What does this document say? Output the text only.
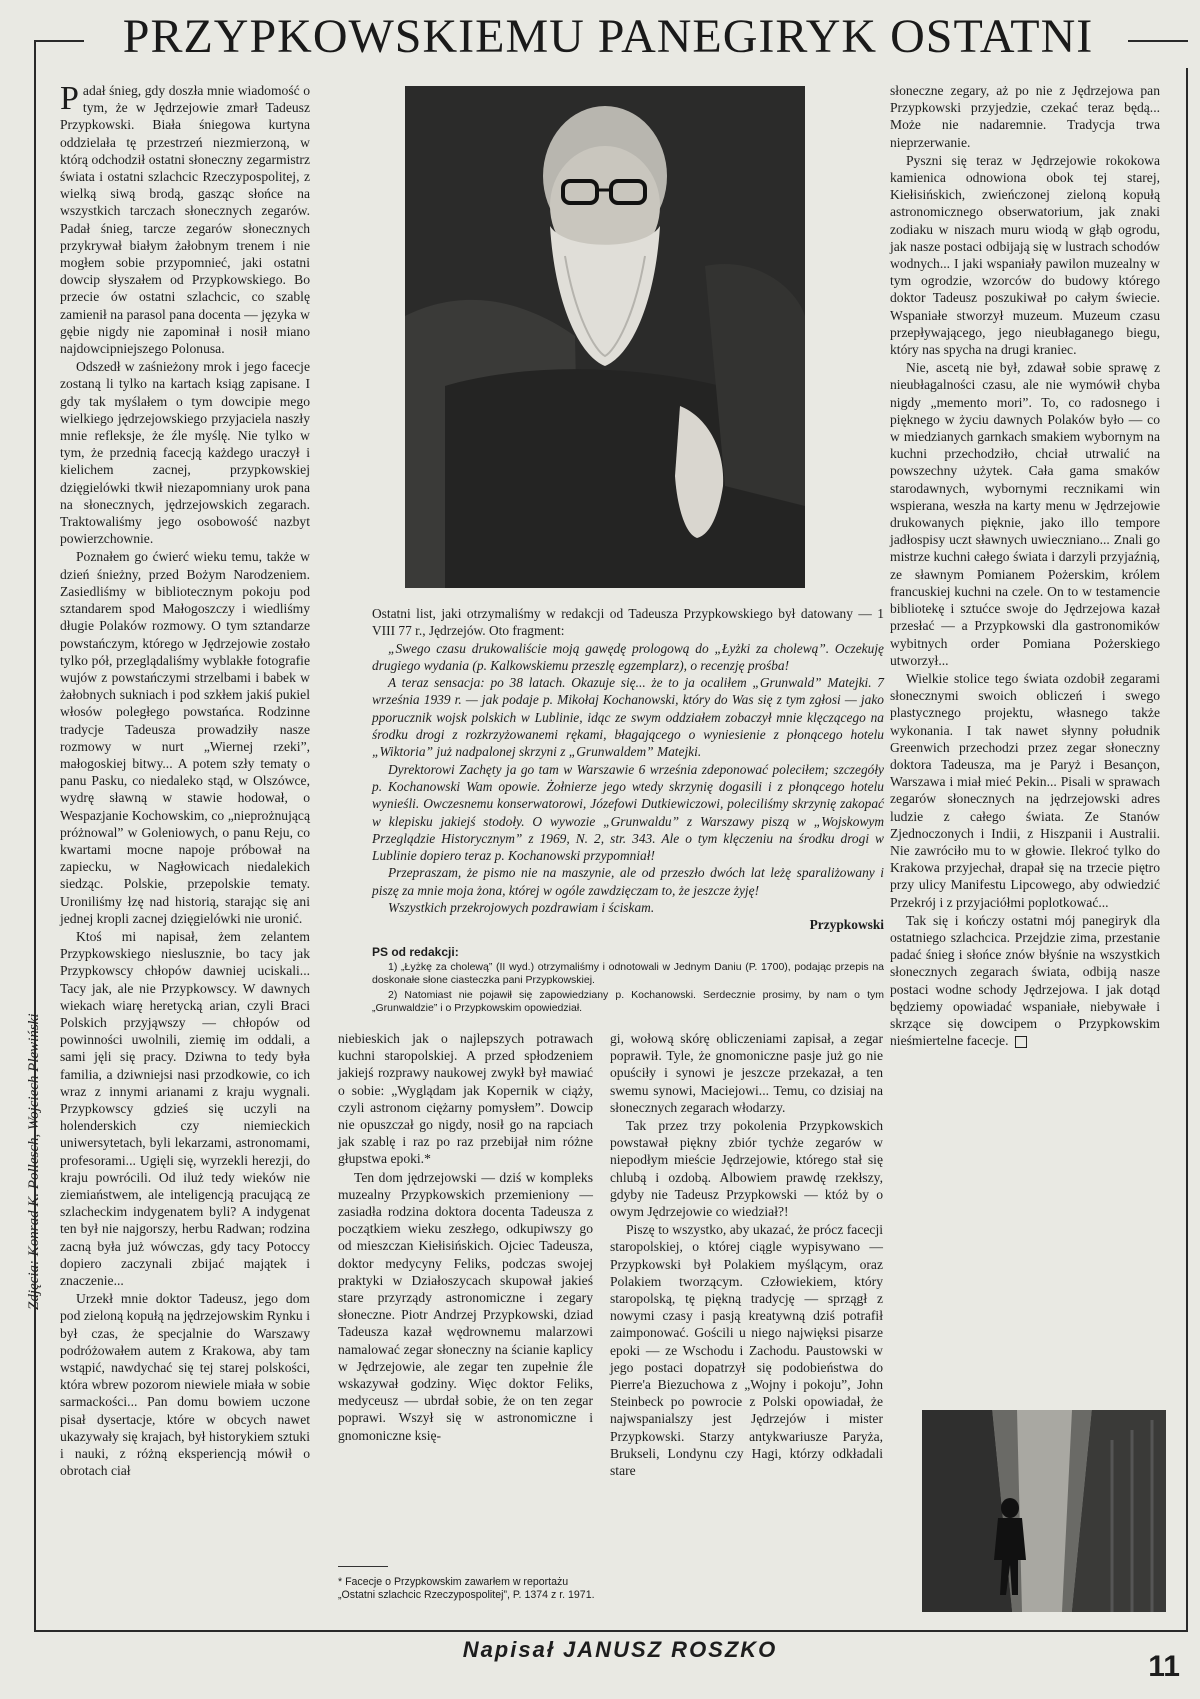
PRZYPKOWSKIEMU PANEGIRYK OSTATNI
Zdjęcia: Konrad K. Pollesch, Wojciech Plewiński

Padał śnieg, gdy doszła mnie wiadomość o tym, że w Jędrzejowie zmarł Tadeusz Przypkowski. Biała śniegowa kurtyna oddzielała tę przestrzeń niezmierzoną, w którą odchodził ostatni słoneczny zegarmistrz świata i ostatni szlachcic Rzeczypospolitej, z wielką siwą brodą, gasząc słońce na wszystkich tarczach słonecznych zegarów. Padał śnieg, tarcze zegarów słonecznych przykrywał białym żałobnym trenem i nie mogłem sobie przypomnieć, jaki ostatni dowcip słyszałem od Przypkowskiego. Bo przecie ów ostatni szlachcic, co szablę zamienił na parasol pana docenta — języka w gębie nigdy nie zapominał i nosił miano najdowcipniejszego Polonusa.

Odszedł w zaśnieżony mrok i jego facecje zostaną li tylko na kartach ksiąg zapisane. I gdy tak myślałem o tym dowcipie mego wielkiego jędrzejowskiego przyjaciela naszły mnie refleksje, że źle myślę. Nie tylko w tym, że przednią facecją każdego uraczył i kielichem zacnej, przypkowskiej dzięgielówki tkwił niezapomniany urok pana na słonecznych, jędrzejowskich zegarach. Traktowaliśmy jego osobowość nazbyt powierzchownie.

Poznałem go ćwierć wieku temu, także w dzień śnieżny, przed Bożym Narodzeniem. Zasiedliśmy w bibliotecznym pokoju pod sztandarem spod Małogoszczy i wiedliśmy długie Polaków rozmowy. O tym sztandarze powstańczym, którego w Jędrzejowie zostało tylko pół, przeglądaliśmy wyblakłe fotografie wujów z powstańczymi strzelbami i babek w żałobnych sukniach i pod szkłem jakiś pukiel włosów poległego powstańca. Rodzinne tradycje Tadeusza prowadziły nasze rozmowy w nurt „Wiernej rzeki”, małogoskiej bitwy... A potem szły tematy o panu Pasku, co niedaleko stąd, w Olszówce, wydrę sławną w stawie hodował, o Wespazjanie Kochowskim, co „nieprożnującą próżnowal” w Goleniowych, o panu Reju, co kwartami mocne napoje próbował na zapiecku, w Nagłowicach niedalekich siedząc. Polskie, przepolskie tematy. Uroniliśmy łzę nad historią, starając się ani jednej kropli zacnej dzięgielówki nie uronić.

Ktoś mi napisał, żem zelantem Przypkowskiego nieslusznie, bo tacy jak Przypkowscy chłopów dawniej uciskali... Tacy jak, ale nie Przypkowscy. W dawnych wiekach wiarę heretycką arian, czyli Braci Polskich przyjąwszy — chłopów od powinności uwolnili, ziemię im oddali, a sami jęli się pracy. Dziwna to tedy była familia, a dziwniejsi nasi przodkowie, co ich wraz z innymi arianami z kraju wygnali. Przypkowscy gdzieś się uczyli na holenderskich czy niemieckich uniwersytetach, byli lekarzami, astronomami, profesorami... Ugięli się, wyrzekli herezji, do kraju powrócili. Od iluż tedy wieków nie ziemiaństwem, ale inteligencją pracującą ze szlacheckim indygenatem byli? A indygenat ten był nie najgorszy, herbu Radwan; rodzina zacną była już wówczas, gdy tacy Potoccy dopiero zaczynali zbijać majątek i znaczenie...

Urzekł mnie doktor Tadeusz, jego dom pod zieloną kopułą na jędrzejowskim Rynku i był czas, że specjalnie do Warszawy podróżowałem autem z Krakowa, aby tam wstąpić, nawdychać się tej starej polskości, która wbrew pozorom niewiele miała w sobie sarmackości... Pan domu bowiem uczone pisał dysertacje, które w obcych nawet ukazywały się krajach, był historykiem sztuki i nauki, z różną eksperiencją mówił o obrotach ciał

Ostatni list, jaki otrzymaliśmy w redakcji od Tadeusza Przypkowskiego był datowany — 1 VIII 77 r., Jędrzejów. Oto fragment:

„Swego czasu drukowaliście moją gawędę prologową do „Łyżki za cholewą”. Oczekuję drugiego wydania (p. Kalkowskiemu przeszlę egzemplarz), o recenzję prośba!

A teraz sensacja: po 38 latach. Okazuje się... że to ja ocaliłem „Grunwald” Matejki. 7 września 1939 r. — jak podaje p. Mikołaj Kochanowski, który do Was się z tym zgłosi — jako pporucznik wojsk polskich w Lublinie, idąc ze swym oddziałem zobaczył mnie klęczącego na środku drogi z rozkrzyżowanemi rękami, błagającego o wyniesienie z płonącego hotelu „Wiktoria” już nadpalonej skrzyni z „Grunwaldem” Matejki.

Dyrektorowi Zachęty ja go tam w Warszawie 6 września zdeponować poleciłem; szczegóły p. Kochanowski Wam opowie. Żołnierze jego wtedy skrzynię dogasili i z płonącego hotelu wynieśli. Owczesnemu konserwatorowi, Józefowi Dutkiewiczowi, poleciliśmy skrzynię zakopać w klepisku jakiejś stodoły. O wywozie „Grunwaldu” z Warszawy piszą w „Wojskowym Przeglądzie Historycznym” z 1969, N. 2, str. 343. Ale o tym klęczeniu na środku drogi w Lublinie dopiero teraz p. Kochanowski przypomniał!

Przepraszam, że pismo nie na maszynie, ale od przeszło dwóch lat leżę sparaliżowany i piszę za mnie moja żona, której w ogóle zawdzięczam to, że jeszcze żyję!

Wszystkich przekrojowych pozdrawiam i ściskam.

Przypkowski

PS od redakcji:

1) „Łyżkę za cholewą” (II wyd.) otrzymaliśmy i odnotowali w Jednym Daniu (P. 1700), podając przepis na doskonałe słone ciasteczka pani Przypkowskiej.

2) Natomiast nie pojawił się zapowiedziany p. Kochanowski. Serdecznie prosimy, by nam o tym „Grunwaldzie” i o Przypkowskim opowiedział.

niebieskich jak o najlepszych potrawach kuchni staropolskiej. A przed spłodzeniem jakiejś rozprawy naukowej zwykł był mawiać o sobie: „Wyglądam jak Kopernik w ciąży, czyli astronom ciężarny pomysłem”. Dowcip nie opuszczał go nigdy, nosił go na rapciach jak szablę i raz po raz przebijał nim różne głupstwa epoki.*

Ten dom jędrzejowski — dziś w kompleks muzealny Przypkowskich przemieniony — zasiadła rodzina doktora docenta Tadeusza z początkiem wieku zeszłego, odkupiwszy go od mieszczan Kiełisińskich. Ojciec Tadeusza, doktor medycyny Feliks, podczas swojej praktyki w Działoszycach skupował jakieś stare przyrządy astronomiczne i zegary słoneczne. Piotr Andrzej Przypkowski, dziad Tadeusza kazał wędrownemu malarzowi namalować zegar słoneczny na ścianie kaplicy w Jędrzejowie, ale zegar ten zupełnie źle wskazywał godziny. Więc doktor Feliks, medyceusz — ubrdał sobie, że on ten zegar poprawi. Wszył się w astronomiczne i gnomoniczne księ-

gi, wołową skórę obliczeniami zapisał, a zegar poprawił. Tyle, że gnomoniczne pasje już go nie opuściły i synowi je jeszcze przekazał, a ten swemu synowi, Maciejowi... Temu, co dzisiaj na słonecznych zegarach włodarzy.

Tak przez trzy pokolenia Przypkowskich powstawał piękny zbiór tychże zegarów w niepodłym mieście Jędrzejowie, którego stał się chlubą i ozdobą. Albowiem prawdę rzekłszy, gdyby nie Tadeusz Przypkowski — któż by o owym Jędrzejowie co wiedział?!

Piszę to wszystko, aby ukazać, że prócz facecji staropolskiej, o której ciągle wypisywano — Przypkowski był Polakiem myślącym, oraz Polakiem tworzącym. Człowiekiem, który staropolską, tę piękną tradycję — sprzągł z nowymi czasy i pasją kreatywną dziś potrafił zaimponować. Gościli u niego najwięksi pisarze epoki — ze Wschodu i Zachodu. Paustowski w jego postaci dopatrzył się podobieństwa do Pierre'a Biezuchowa z „Wojny i pokoju”, John Steinbeck po powrocie z Polski opowiadał, że najwspanialszy jest Jędrzejów i mister Przypkowski. Starzy antykwariusze Paryża, Brukseli, Londynu czy Hagi, którzy odkładali stare

słoneczne zegary, aż po nie z Jędrzejowa pan Przypkowski przyjedzie, czekać teraz będą... Może nie nadaremnie. Tradycja trwa nieprzerwanie.

Pyszni się teraz w Jędrzejowie rokokowa kamienica odnowiona obok tej starej, Kiełisińskich, zwieńczonej zieloną kopułą astronomicznego obserwatorium, jak znaki zodiaku w niszach muru wiodą w głąb ogrodu, jak nasze postaci odbijają się w lustrach schodów wodnych... I jaki wspaniały pawilon muzealny w tym ogrodzie, wzorców do budowy którego doktor Tadeusz poszukiwał po całym świecie. Wspaniałe stworzył muzeum. Muzeum czasu przepływającego, jego nieubłaganego biegu, który nas spycha na drugi kraniec.

Nie, ascetą nie był, zdawał sobie sprawę z nieubłagalności czasu, ale nie wymówił chyba nigdy „memento mori”. To, co radosnego i pięknego w życiu dawnych Polaków było — co w miedzianych garnkach smakiem wybornym na kuchni przechodziło, chciał utrwalić na powszechny użytek. Cała gama smaków starodawnych, wybornymi recznikami win wspierana, weszła na karty menu w Jędrzejowie drukowanych pięknie, jako illo tempore jadłospisy uczt sławnych uwieczniano... Znali go mistrze kuchni całego świata i darzyli przyjaźnią, ze sławnym Pomianem Pożerskim, królem francuskiej kuchni na czele. On to w testamencie bibliotekę i sztućce swoje do Jędrzejowa kazał przesłać — a Przypkowski dla gastronomików wybitnych order Pomiana Pożerskiego utworzył...

Wielkie stolice tego świata ozdobił zegarami słonecznymi swoich obliczeń i swego plastycznego projektu, własnego także wykonania. I tak nawet słynny południk Greenwich przechodzi przez zegar słoneczny doktora Tadeusza, ma je Paryż i Besançon, Warszawa i miał mieć Pekin... Pisali w sprawach zegarów słonecznych na jędrzejowski adres ludzie z całego świata. Ze Stanów Zjednoczonych i Indii, z Hiszpanii i Australii. Nie zawróciło mu to w głowie. Ilekroć tylko do Krakowa przyjechał, drapał się na trzecie piętro przy ulicy Manifestu Lipcowego, aby odwiedzić Przekrój i z przyjaciółmi poplotkować...

Tak się i kończy ostatni mój panegiryk dla ostatniego szlachcica. Przejdzie zima, przestanie padać śnieg i słońce znów błyśnie na wszystkich słonecznych zegarach świata, odbiją nasze postaci wodne schody Jędrzejowa. I jak dotąd będziemy opowiadać wspaniałe, niebywałe i skrzące się dowcipem o Przypkowskim nieśmiertelne facecje.

* Facecje o Przypkowskim zawarłem w reportażu „Ostatni szlachcic Rzeczypospolitej”, P. 1374 z r. 1971.
Napisał JANUSZ ROSZKO
11
